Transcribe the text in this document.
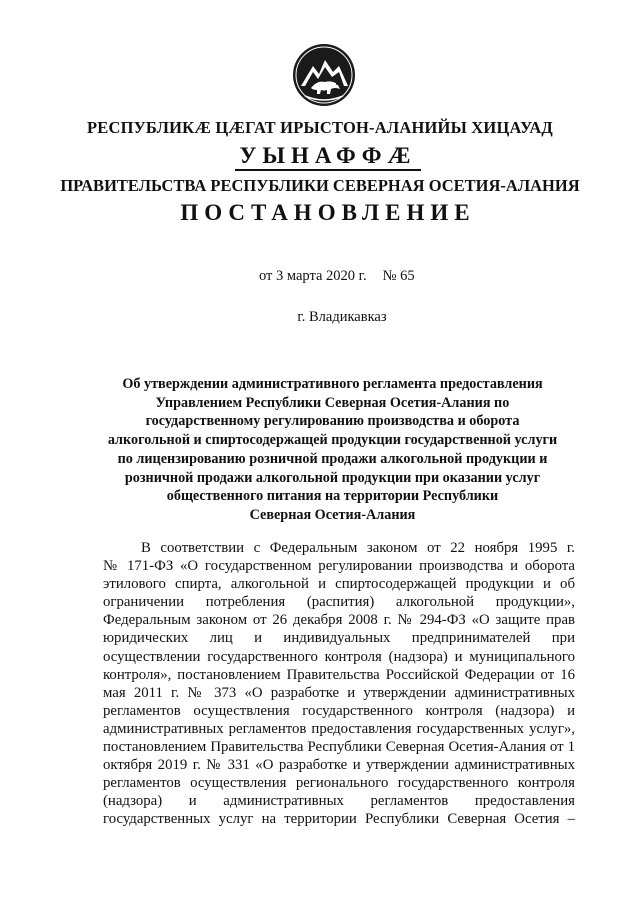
РЕСПУБЛИКӔ ЦӔГАТ ИРЫСТОН-АЛАНИЙЫ ХИЦАУАД
УЫНАФФӔ
ПРАВИТЕЛЬСТВА РЕСПУБЛИКИ СЕВЕРНАЯ ОСЕТИЯ-АЛАНИЯ
ПОСТАНОВЛЕНИЕ
от 3 марта 2020 г. № 65
г. Владикавказ
Об утверждении административного регламента предоставления
Управлением Республики Северная Осетия-Алания по
государственному регулированию производства и оборота
алкогольной и спиртосодержащей продукции государственной услуги
по лицензированию розничной продажи алкогольной продукции и
розничной продажи алкогольной продукции при оказании услуг
общественного питания на территории Республики
Северная Осетия-Алания
В соответствии с Федеральным законом от 22 ноября 1995 г.
№ 171-ФЗ «О государственном регулировании производства и оборота
этилового спирта, алкогольной и спиртосодержащей продукции и об
ограничении потребления (распития) алкогольной продукции»,
Федеральным законом от 26 декабря 2008 г. № 294-ФЗ «О защите прав
юридических лиц и индивидуальных предпринимателей при
осуществлении государственного контроля (надзора) и муниципального
контроля», постановлением Правительства Российской Федерации от 16
мая 2011 г. № 373 «О разработке и утверждении административных
регламентов осуществления государственного контроля (надзора) и
административных регламентов предоставления государственных услуг»,
постановлением Правительства Республики Северная Осетия-Алания от 1
октября 2019 г. № 331 «О разработке и утверждении административных
регламентов осуществления регионального государственного контроля
(надзора) и административных регламентов предоставления
государственных услуг на территории Республики Северная Осетия –
